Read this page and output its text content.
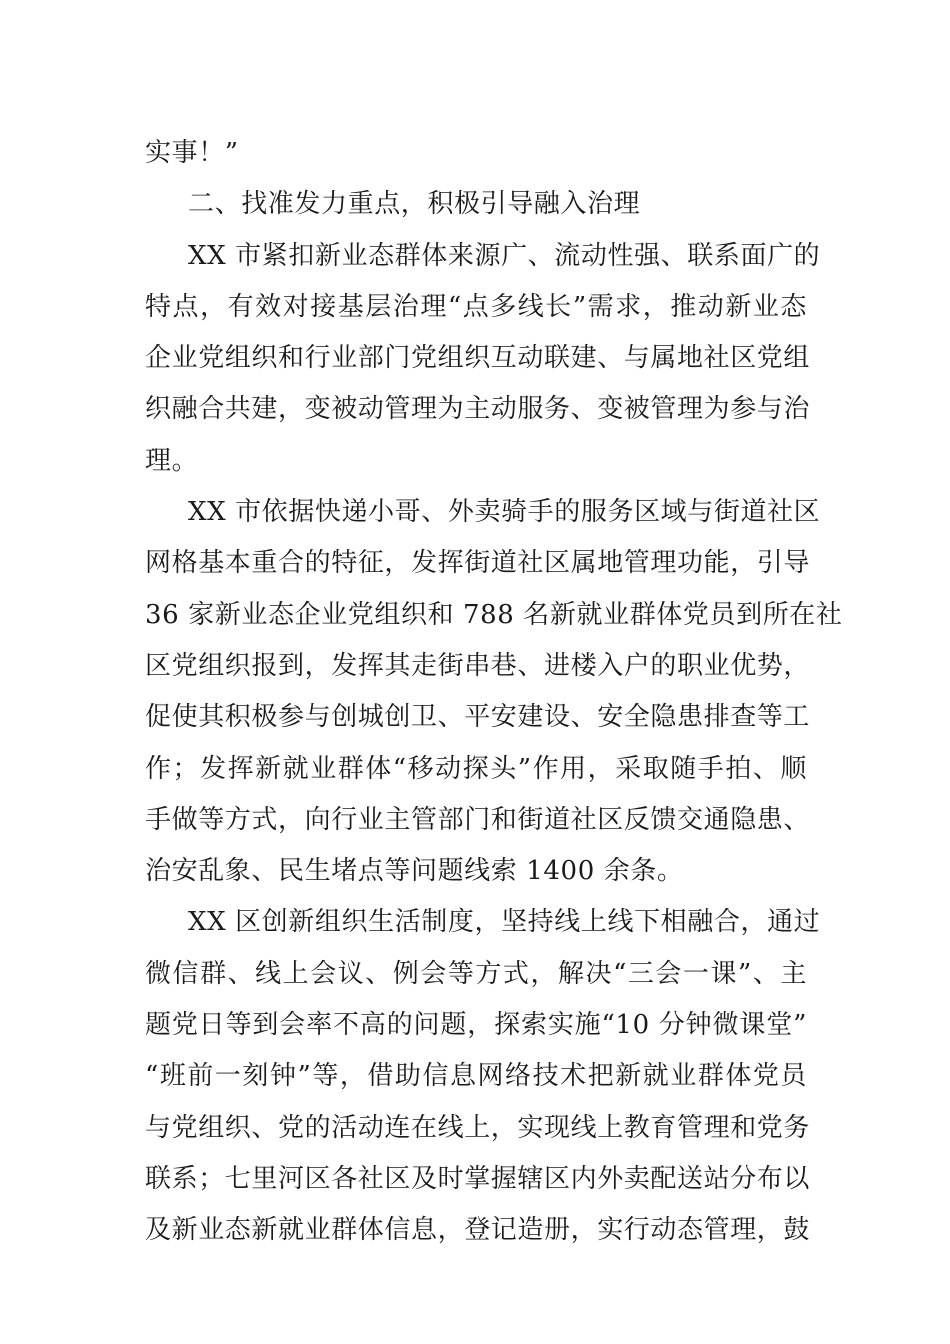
实事！”
二、找准发力重点，积极引导融入治理
XX 市紧扣新业态群体来源广、流动性强、联系面广的
特点，有效对接基层治理“点多线长”需求，推动新业态
企业党组织和行业部门党组织互动联建、与属地社区党组
织融合共建，变被动管理为主动服务、变被管理为参与治
理。
XX 市依据快递小哥、外卖骑手的服务区域与街道社区
网格基本重合的特征，发挥街道社区属地管理功能，引导
36 家新业态企业党组织和 788 名新就业群体党员到所在社
区党组织报到，发挥其走街串巷、进楼入户的职业优势，
促使其积极参与创城创卫、平安建设、安全隐患排查等工
作；发挥新就业群体“移动探头”作用，采取随手拍、顺
手做等方式，向行业主管部门和街道社区反馈交通隐患、
治安乱象、民生堵点等问题线索 1400 余条。
XX 区创新组织生活制度，坚持线上线下相融合，通过
微信群、线上会议、例会等方式，解决“三会一课”、主
题党日等到会率不高的问题，探索实施“10 分钟微课堂”
“班前一刻钟”等，借助信息网络技术把新就业群体党员
与党组织、党的活动连在线上，实现线上教育管理和党务
联系；七里河区各社区及时掌握辖区内外卖配送站分布以
及新业态新就业群体信息，登记造册，实行动态管理，鼓
